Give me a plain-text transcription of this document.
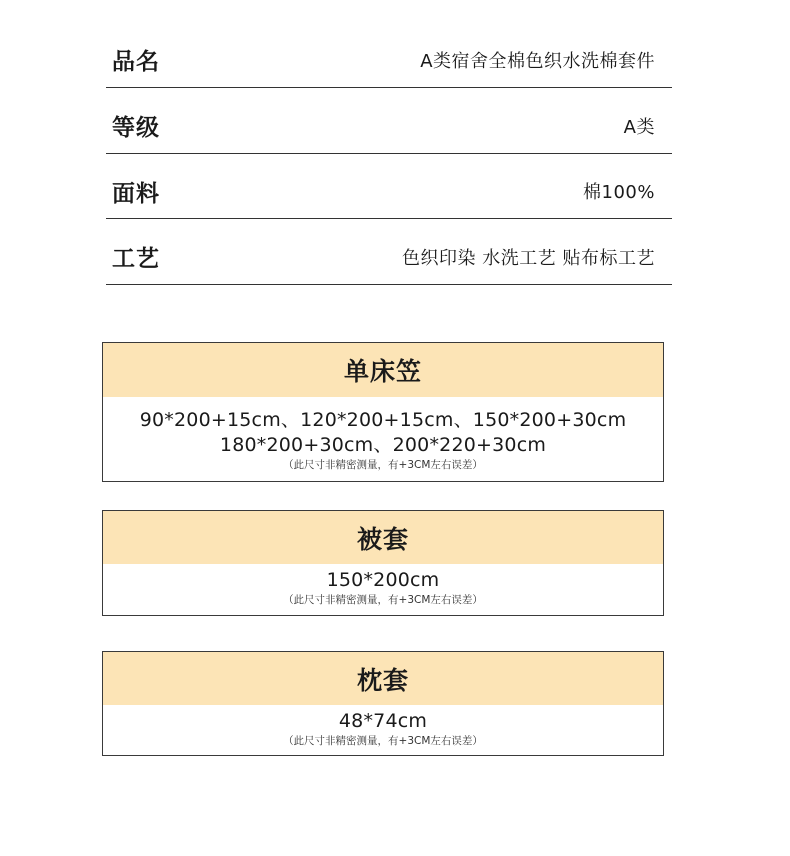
品名	A类宿舍全棉色织水洗棉套件
等级	A类
面料	棉100%
工艺	色织印染 水洗工艺 贴布标工艺
单床笠
90*200+15cm、120*200+15cm、150*200+30cm
180*200+30cm、200*220+30cm
（此尺寸非精密测量，有+3CM左右误差）
被套
150*200cm
（此尺寸非精密测量，有+3CM左右误差）
枕套
48*74cm
（此尺寸非精密测量，有+3CM左右误差）
